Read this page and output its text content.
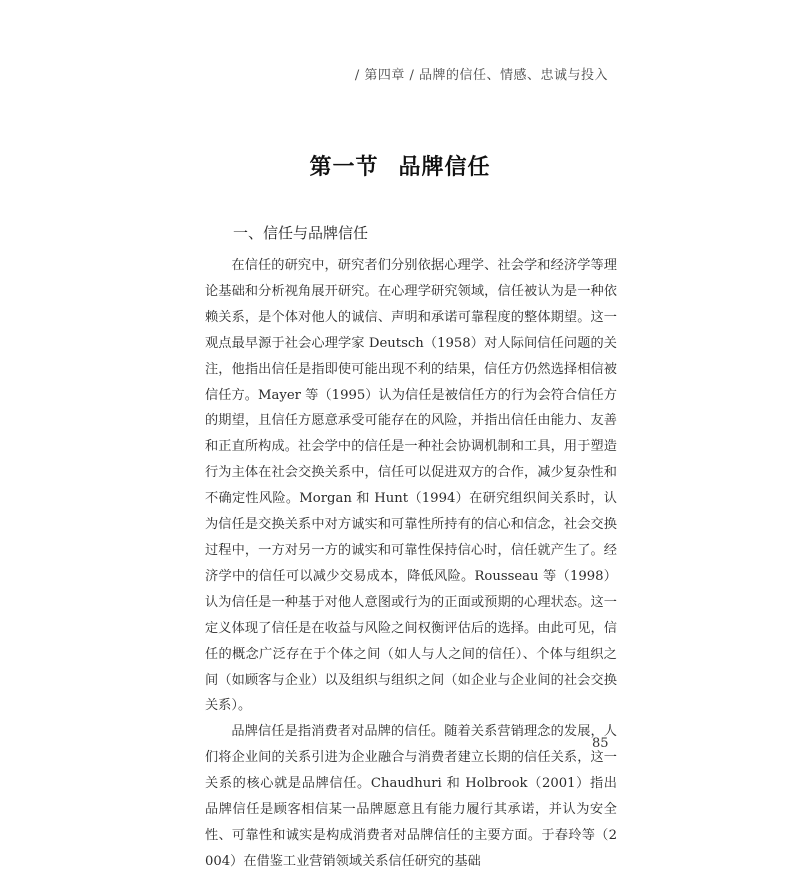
/ 第四章 / 品牌的信任、情感、忠诚与投入
第一节 品牌信任
一、信任与品牌信任

在信任的研究中，研究者们分别依据心理学、社会学和经济学等理论基础和分析视角展开研究。在心理学研究领域，信任被认为是一种依赖关系，是个体对他人的诚信、声明和承诺可靠程度的整体期望。这一观点最早源于社会心理学家 Deutsch（1958）对人际间信任问题的关注，他指出信任是指即使可能出现不利的结果，信任方仍然选择相信被信任方。Mayer 等（1995）认为信任是被信任方的行为会符合信任方的期望，且信任方愿意承受可能存在的风险，并指出信任由能力、友善和正直所构成。社会学中的信任是一种社会协调机制和工具，用于塑造行为主体在社会交换关系中，信任可以促进双方的合作，减少复杂性和不确定性风险。Morgan 和 Hunt（1994）在研究组织间关系时，认为信任是交换关系中对方诚实和可靠性所持有的信心和信念，社会交换过程中，一方对另一方的诚实和可靠性保持信心时，信任就产生了。经济学中的信任可以减少交易成本，降低风险。Rousseau 等（1998）认为信任是一种基于对他人意图或行为的正面或预期的心理状态。这一定义体现了信任是在收益与风险之间权衡评估后的选择。由此可见，信任的概念广泛存在于个体之间（如人与人之间的信任）、个体与组织之间（如顾客与企业）以及组织与组织之间（如企业与企业间的社会交换关系）。

品牌信任是指消费者对品牌的信任。随着关系营销理念的发展，人们将企业间的关系引进为企业融合与消费者建立长期的信任关系，这一关系的核心就是品牌信任。Chaudhuri 和 Holbrook（2001）指出品牌信任是顾客相信某一品牌愿意且有能力履行其承诺，并认为安全性、可靠性和诚实是构成消费者对品牌信任的主要方面。于春玲等（2004）在借鉴工业营销领域关系信任研究的基础

85
